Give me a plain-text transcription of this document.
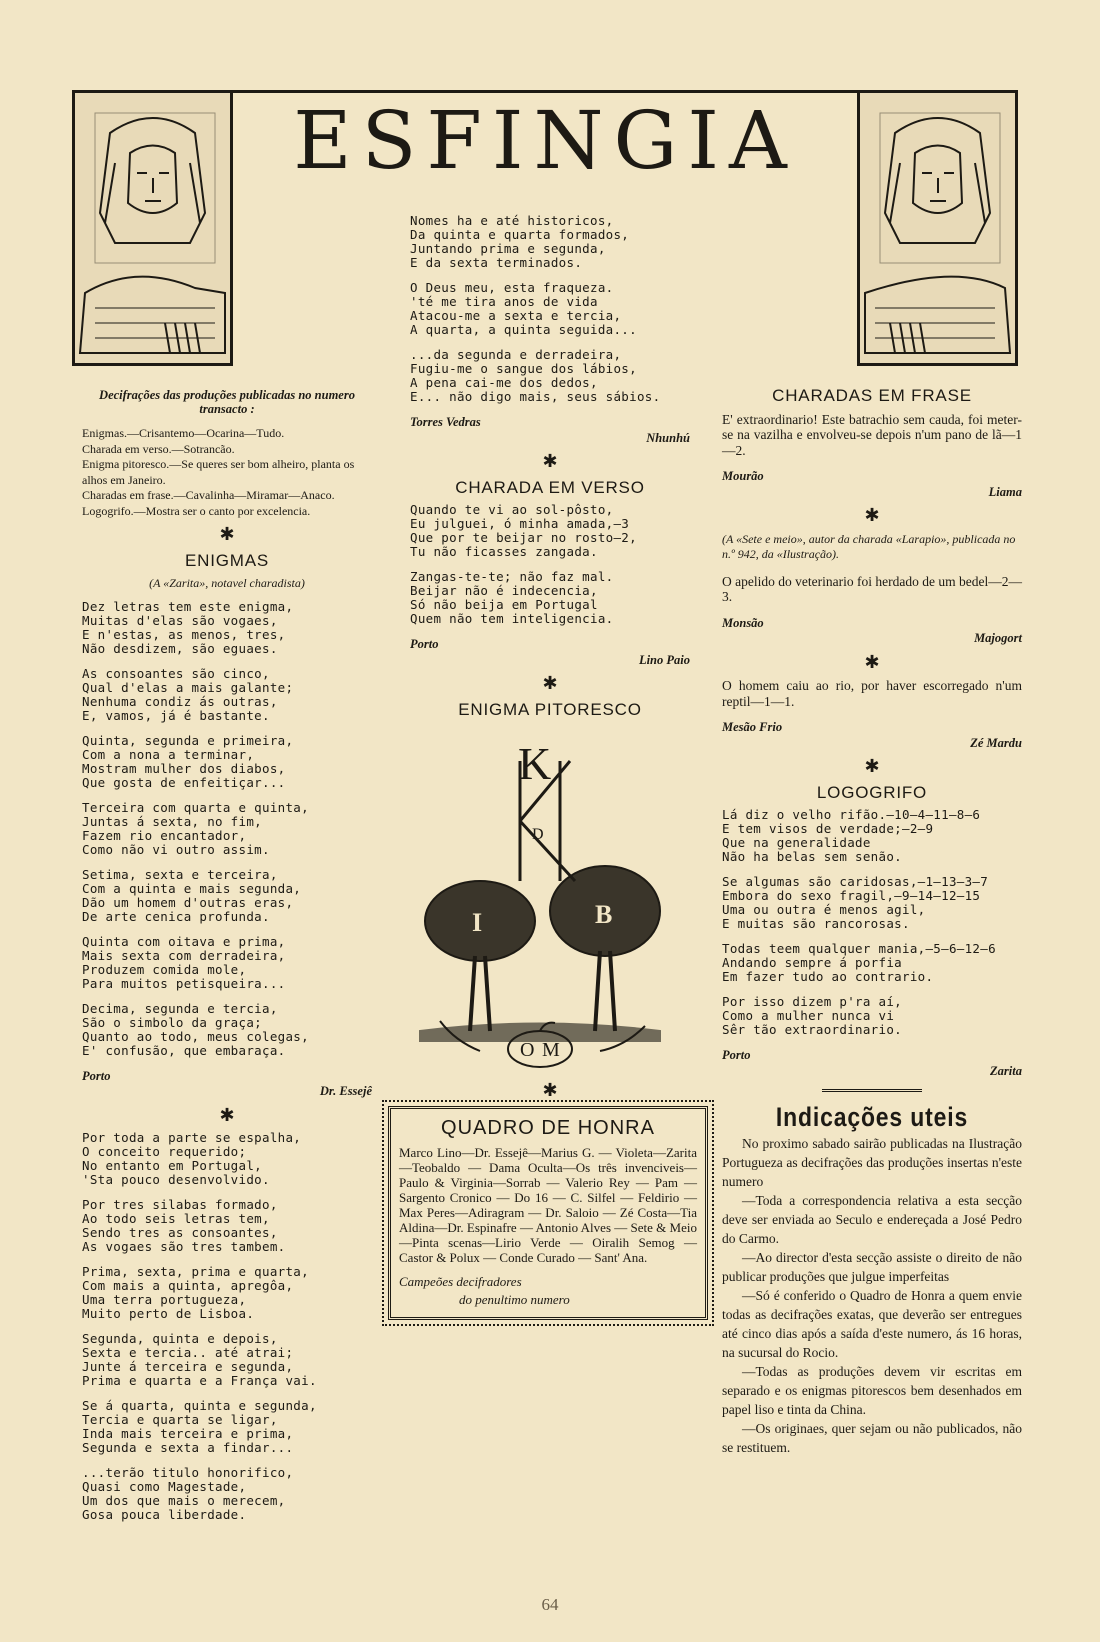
ESFINGIA

Decifrações das produções publicadas no numero transacto :

Enigmas.—Crisantemo—Ocarina—Tudo.

Charada em verso.—Sotrancão.

Enigma pitoresco.—Se queres ser bom alheiro, planta os alhos em Janeiro.

Charadas em frase.—Cavalinha—Miramar—Anaco.

Logogrifo.—Mostra ser o canto por excelencia.

✱
ENIGMAS

(A «Zarita», notavel charadista)

Dez letras tem este enigma,
Muitas d'elas são vogaes,
E n'estas, as menos, tres,
Não desdizem, são eguaes.
As consoantes são cinco,
Qual d'elas a mais galante;
Nenhuma condiz ás outras,
E, vamos, já é bastante.
Quinta, segunda e primeira,
Com a nona a terminar,
Mostram mulher dos diabos,
Que gosta de enfeitiçar...
Terceira com quarta e quinta,
Juntas á sexta, no fim,
Fazem rio encantador,
Como não vi outro assim.
Setima, sexta e terceira,
Com a quinta e mais segunda,
Dão um homem d'outras eras,
De arte cenica profunda.
Quinta com oitava e prima,
Mais sexta com derradeira,
Produzem comida mole,
Para muitos petisqueira...
Decima, segunda e tercia,
São o simbolo da graça;
Quanto ao todo, meus colegas,
E' confusão, que embaraça.
Porto
Dr. Essejê
✱
Por toda a parte se espalha,
O conceito requerido;
No entanto em Portugal,
'Sta pouco desenvolvido.
Por tres silabas formado,
Ao todo seis letras tem,
Sendo tres as consoantes,
As vogaes são tres tambem.
Prima, sexta, prima e quarta,
Com mais a quinta, apregôa,
Uma terra portugueza,
Muito perto de Lisboa.
Segunda, quinta e depois,
Sexta e tercia.. até atrai;
Junte á terceira e segunda,
Prima e quarta e a França vai.
Se á quarta, quinta e segunda,
Tercia e quarta se ligar,
Inda mais terceira e prima,
Segunda e sexta a findar...
...terão titulo honorifico,
Quasi como Magestade,
Um dos que mais o merecem,
Gosa pouca liberdade.
Nomes ha e até historicos,
Da quinta e quarta formados,
Juntando prima e segunda,
E da sexta terminados.
O Deus meu, esta fraqueza.
'té me tira anos de vida
Atacou-me a sexta e tercia,
A quarta, a quinta seguida...
...da segunda e derradeira,
Fugiu-me o sangue dos lábios,
A pena cai-me dos dedos,
E... não digo mais, seus sábios.
Torres Vedras
Nhunhú
✱
CHARADA EM VERSO
Quando te vi ao sol-pôsto,
Eu julguei, ó minha amada,—3
Que por te beijar no rosto—2,
Tu não ficasses zangada.
Zangas-te-te; não faz mal.
Beijar não é indecencia,
Só não beija em Portugal
Quem não tem inteligencia.
Porto
Lino Paio
✱
ENIGMA PITORESCO
K
D
I	B
O M
✱
QUADRO DE HONRA
Marco Lino—Dr. Essejê—Marius G. — Violeta—Zarita—Teobaldo — Dama Oculta—Os três invenciveis—Paulo & Virginia—Sorrab — Valerio Rey — Pam — Sargento Cronico — Do 16 — C. Silfel — Feldirio — Max Peres—Adiragram — Dr. Saloio — Zé Costa—Tia Aldina—Dr. Espinafre — Antonio Alves — Sete & Meio—Pinta scenas—Lirio Verde — Oiralih Semog — Castor & Polux — Conde Curado — Sant' Ana.
Campeões decifradores
do penultimo numero
CHARADAS EM FRASE

E' extraordinario! Este batrachio sem cauda, foi meter-se na vazilha e envolveu-se depois n'um pano de lã—1—2.

Mourão
Liama
✱

(A «Sete e meio», autor da charada «Larapio», publicada no n.º 942, da «Ilustração).

O apelido do veterinario foi herdado de um bedel—2—3.

Monsão
Majogort
✱

O homem caiu ao rio, por haver escorregado n'um reptil—1—1.

Mesão Frio
Zé Mardu
✱
LOGOGRIFO
Lá diz o velho rifão.—10—4—11—8—6
E tem visos de verdade;—2—9
Que na generalidade
Não ha belas sem senão.
Se algumas são caridosas,—1—13—3—7
Embora do sexo fragil,—9—14—12—15
Uma ou outra é menos agil,
E muitas são rancorosas.
Todas teem qualquer mania,—5—6—12—6
Andando sempre á porfia
Em fazer tudo ao contrario.
Por isso dizem p'ra aí,
Como a mulher nunca vi
Sêr tão extraordinario.
Porto
Zarita
Indicações uteis

No proximo sabado sairão publicadas na Ilustração Portugueza as decifrações das produções insertas n'este numero

—Toda a correspondencia relativa a esta secção deve ser enviada ao Seculo e endereçada a José Pedro do Carmo.

—Ao director d'esta secção assiste o direito de não publicar produções que julgue imperfeitas

—Só é conferido o Quadro de Honra a quem envie todas as decifrações exatas, que deverão ser entregues até cinco dias após a saída d'este numero, ás 16 horas, na sucursal do Rocio.

—Todas as produções devem vir escritas em separado e os enigmas pitorescos bem desenhados em papel liso e tinta da China.

—Os originaes, quer sejam ou não publicados, não se restituem.

64
